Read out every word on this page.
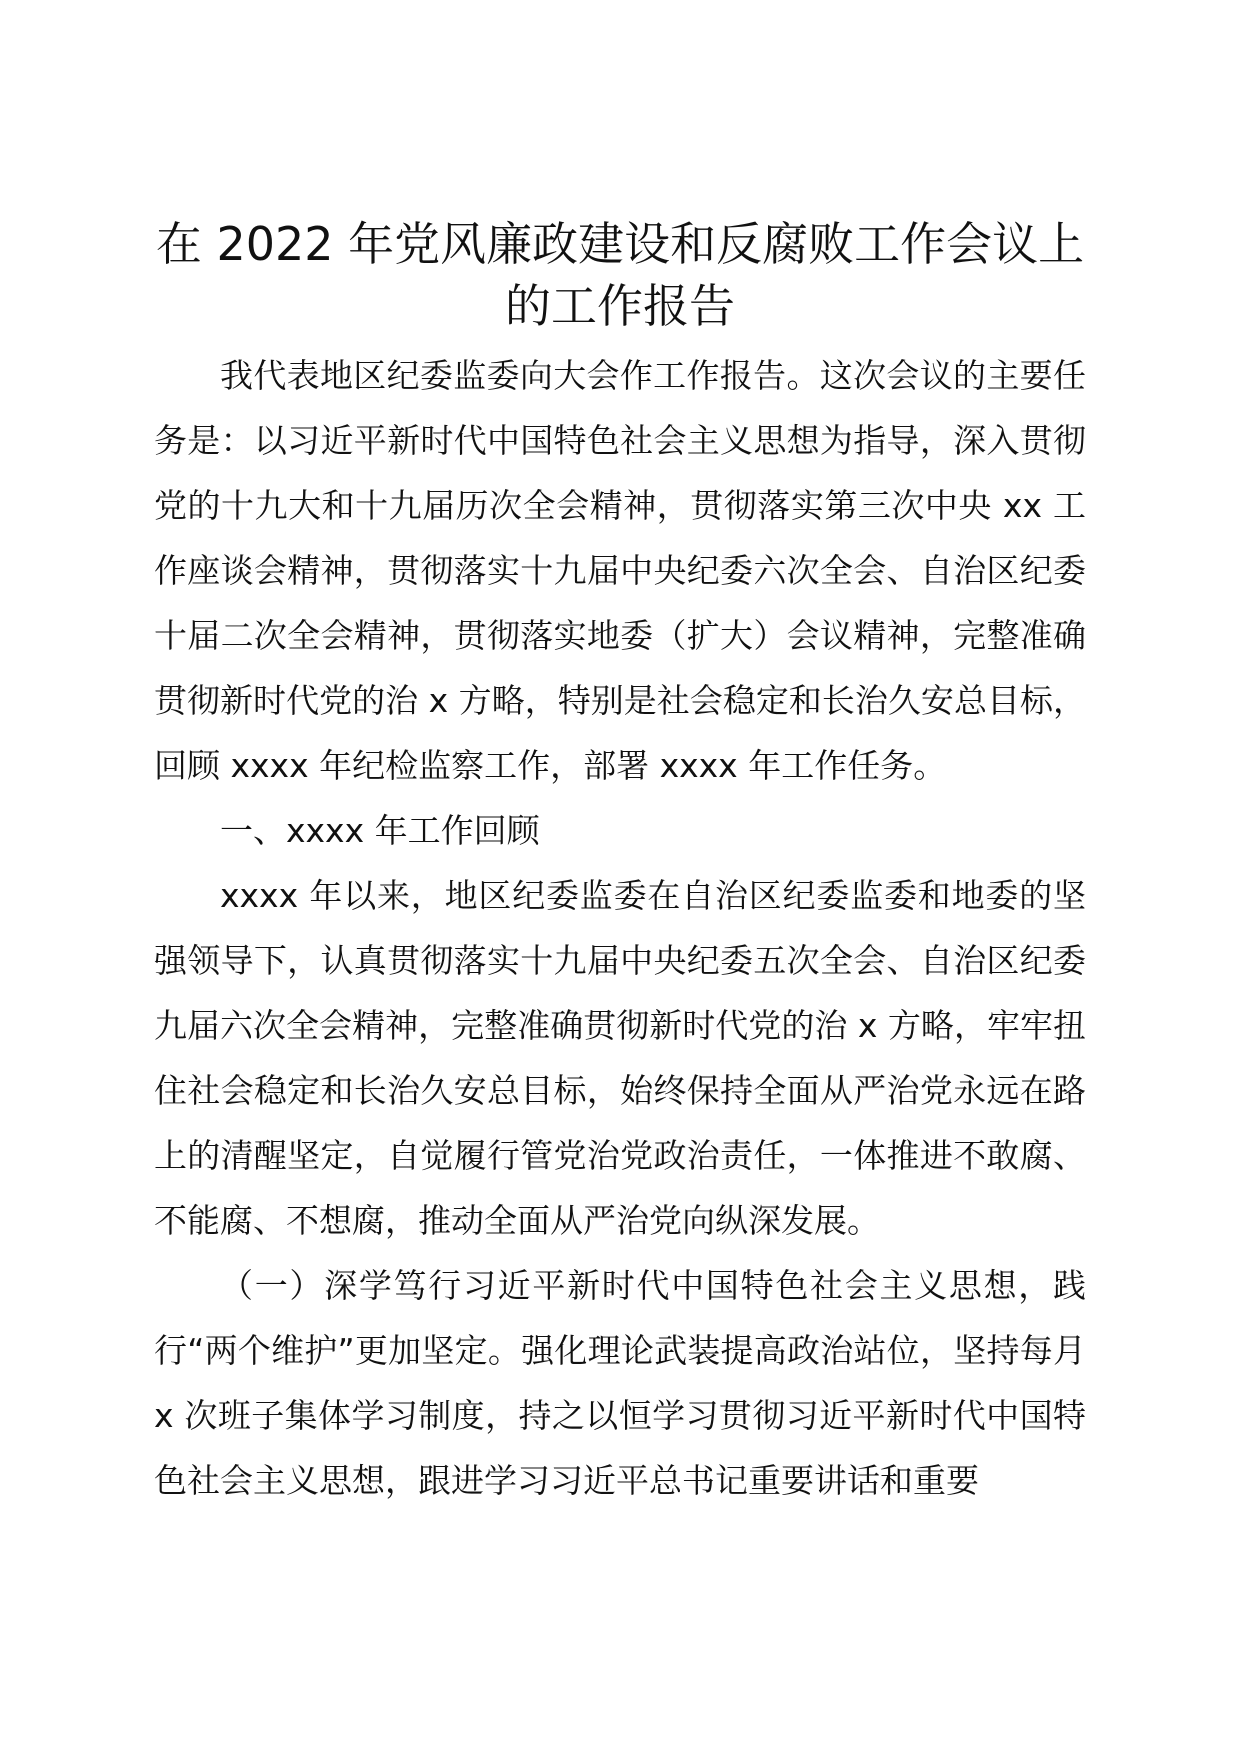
在 2022 年党风廉政建设和反腐败工作会议上
的工作报告

我代表地区纪委监委向大会作工作报告。这次会议的主要任务是：以习近平新时代中国特色社会主义思想为指导，深入贯彻党的十九大和十九届历次全会精神，贯彻落实第三次中央 xx 工作座谈会精神，贯彻落实十九届中央纪委六次全会、自治区纪委十届二次全会精神，贯彻落实地委（扩大）会议精神，完整准确贯彻新时代党的治 x 方略，特别是社会稳定和长治久安总目标，回顾 xxxx 年纪检监察工作，部署 xxxx 年工作任务。

一、xxxx 年工作回顾

xxxx 年以来，地区纪委监委在自治区纪委监委和地委的坚强领导下，认真贯彻落实十九届中央纪委五次全会、自治区纪委九届六次全会精神，完整准确贯彻新时代党的治 x 方略，牢牢扭住社会稳定和长治久安总目标，始终保持全面从严治党永远在路上的清醒坚定，自觉履行管党治党政治责任，一体推进不敢腐、不能腐、不想腐，推动全面从严治党向纵深发展。

（一）深学笃行习近平新时代中国特色社会主义思想，践行“两个维护”更加坚定。强化理论武装提高政治站位，坚持每月 x 次班子集体学习制度，持之以恒学习贯彻习近平新时代中国特色社会主义思想，跟进学习习近平总书记重要讲话和重要
